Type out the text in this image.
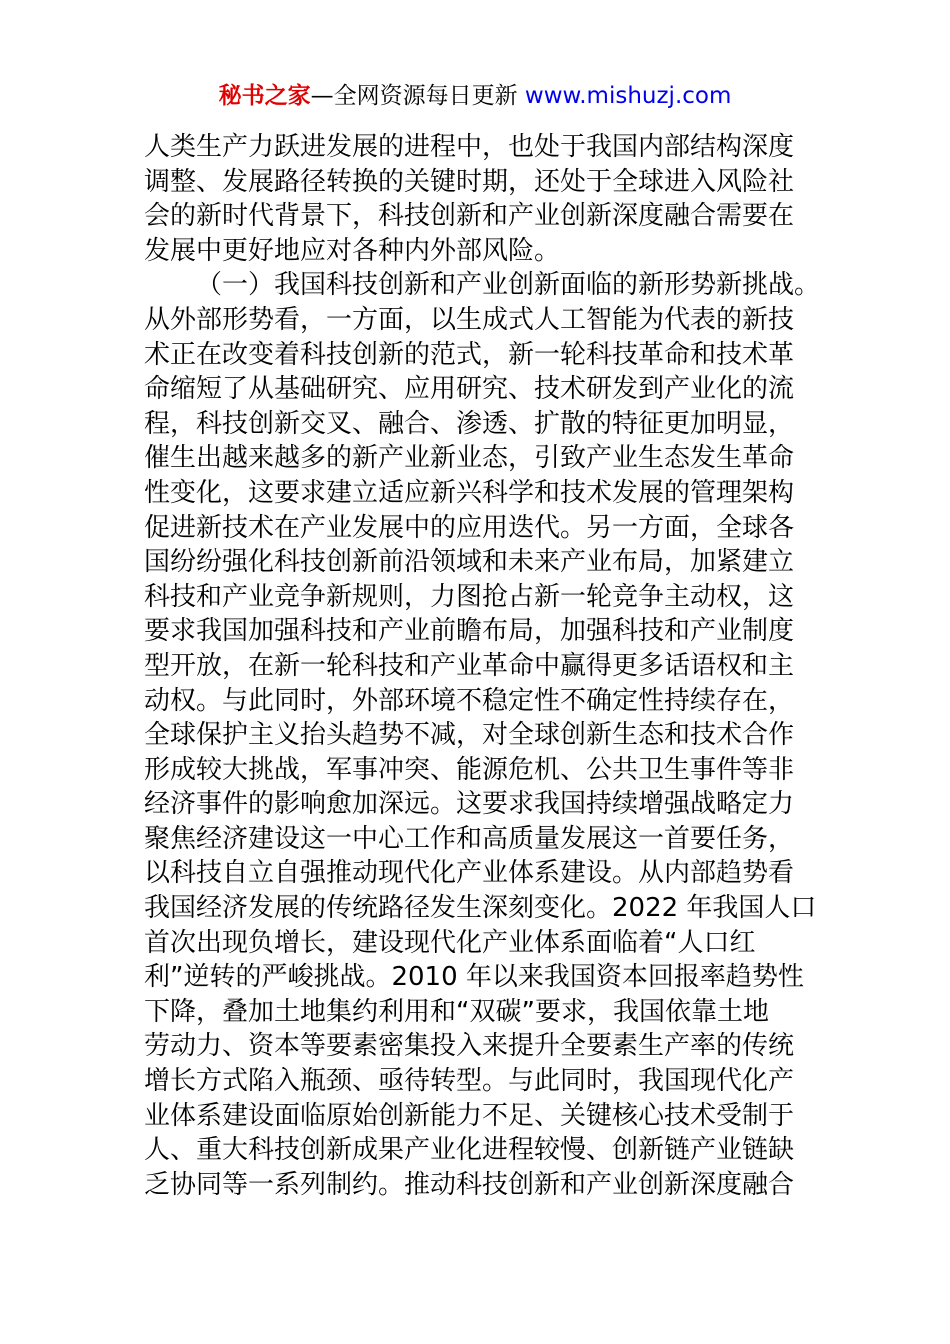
秘书之家—全网资源每日更新 www.mishuzj.com
人类生产力跃进发展的进程中，也处于我国内部结构深度
调整、发展路径转换的关键时期，还处于全球进入风险社
会的新时代背景下，科技创新和产业创新深度融合需要在
发展中更好地应对各种内外部风险。
（一）我国科技创新和产业创新面临的新形势新挑战。
从外部形势看，一方面，以生成式人工智能为代表的新技
术正在改变着科技创新的范式，新一轮科技革命和技术革
命缩短了从基础研究、应用研究、技术研发到产业化的流
程，科技创新交叉、融合、渗透、扩散的特征更加明显，
催生出越来越多的新产业新业态，引致产业生态发生革命
性变化，这要求建立适应新兴科学和技术发展的管理架构
促进新技术在产业发展中的应用迭代。另一方面，全球各
国纷纷强化科技创新前沿领域和未来产业布局，加紧建立
科技和产业竞争新规则，力图抢占新一轮竞争主动权，这
要求我国加强科技和产业前瞻布局，加强科技和产业制度
型开放，在新一轮科技和产业革命中赢得更多话语权和主
动权。与此同时，外部环境不稳定性不确定性持续存在，
全球保护主义抬头趋势不减，对全球创新生态和技术合作
形成较大挑战，军事冲突、能源危机、公共卫生事件等非
经济事件的影响愈加深远。这要求我国持续增强战略定力
聚焦经济建设这一中心工作和高质量发展这一首要任务，
以科技自立自强推动现代化产业体系建设。从内部趋势看
我国经济发展的传统路径发生深刻变化。2022 年我国人口
首次出现负增长，建设现代化产业体系面临着“人口红
利”逆转的严峻挑战。2010 年以来我国资本回报率趋势性
下降，叠加土地集约利用和“双碳”要求，我国依靠土地
劳动力、资本等要素密集投入来提升全要素生产率的传统
增长方式陷入瓶颈、亟待转型。与此同时，我国现代化产
业体系建设面临原始创新能力不足、关键核心技术受制于
人、重大科技创新成果产业化进程较慢、创新链产业链缺
乏协同等一系列制约。推动科技创新和产业创新深度融合
